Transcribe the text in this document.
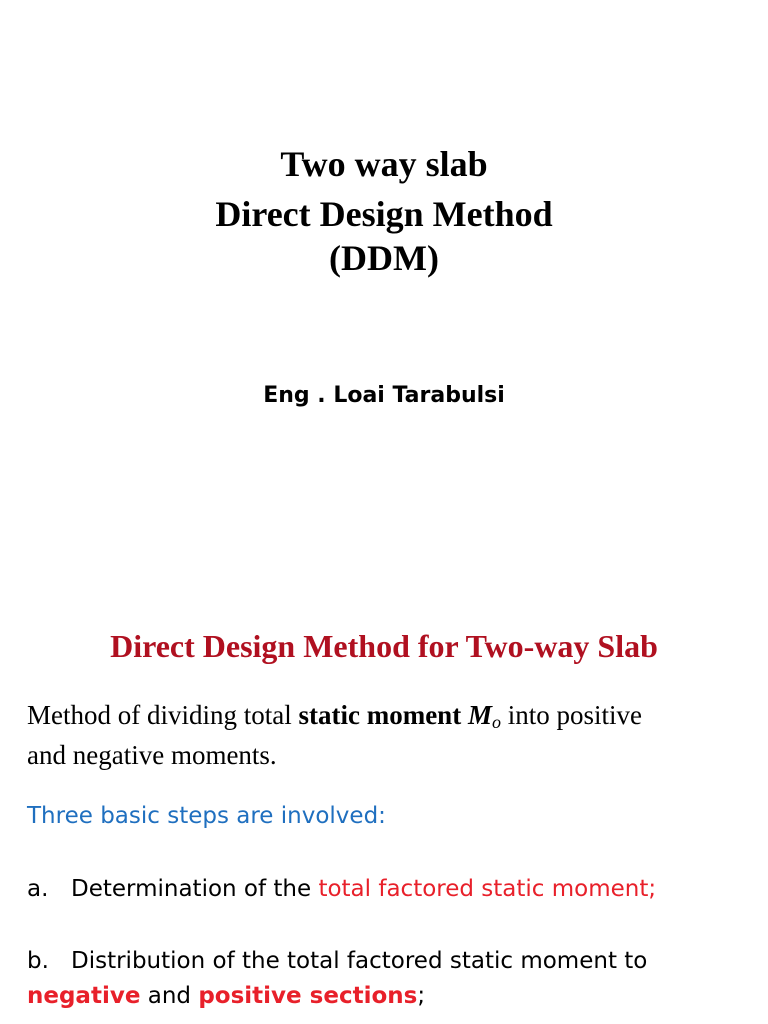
Two way slab
Direct Design Method
(DDM)
Eng . Loai Tarabulsi
Direct Design Method for Two-way Slab
Method of dividing total static moment $M_o$ into positive
and negative moments.
Three basic steps are involved:
a. Determination of the total factored static moment;
b. Distribution of the total factored static moment to
negative and positive sections;
